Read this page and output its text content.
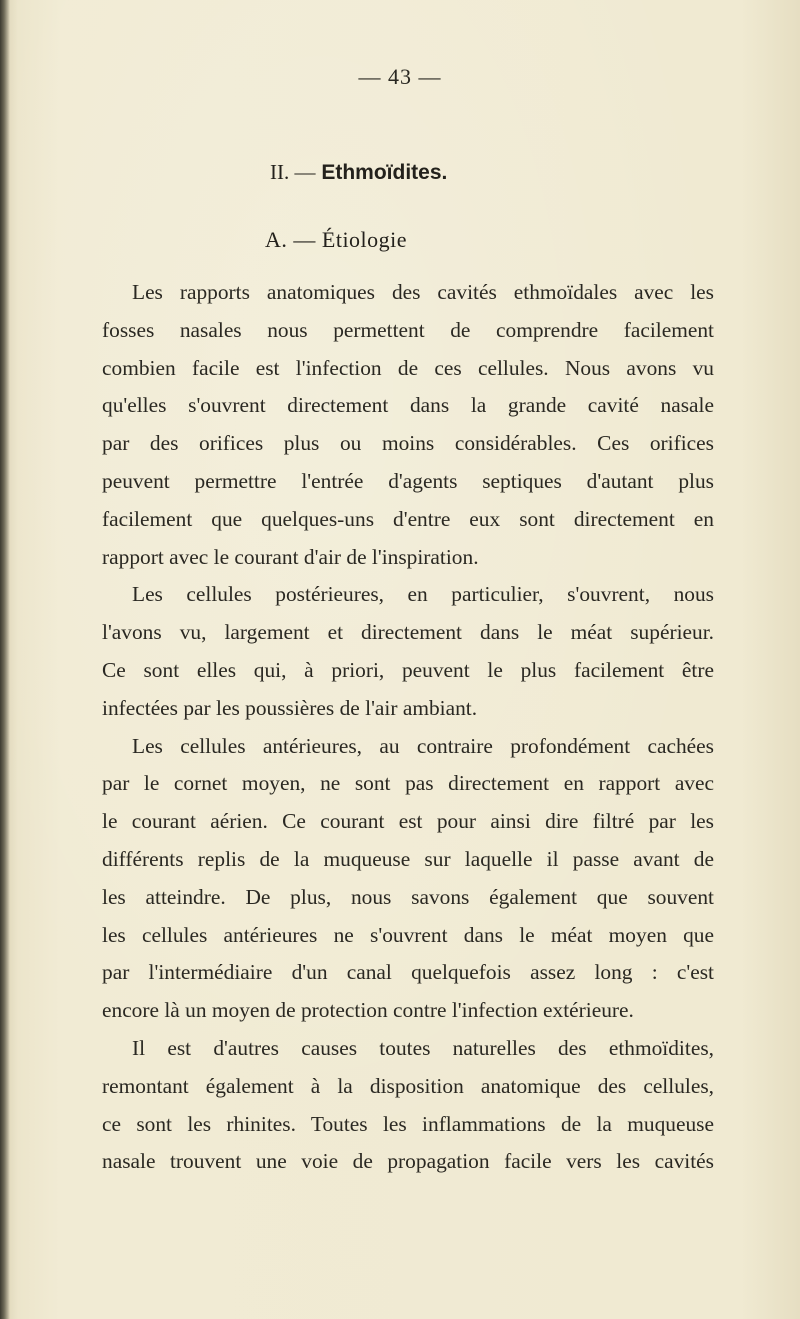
— 43 —
II. — Ethmoïdites.
A. — Étiologie
Les rapports anatomiques des cavités ethmoïdales avec les
fosses nasales nous permettent de comprendre facilement
combien facile est l'infection de ces cellules. Nous avons vu
qu'elles s'ouvrent directement dans la grande cavité nasale
par des orifices plus ou moins considérables. Ces orifices
peuvent permettre l'entrée d'agents septiques d'autant plus
facilement que quelques-uns d'entre eux sont directement en
rapport avec le courant d'air de l'inspiration.
Les cellules postérieures, en particulier, s'ouvrent, nous
l'avons vu, largement et directement dans le méat supérieur.
Ce sont elles qui, à priori, peuvent le plus facilement être
infectées par les poussières de l'air ambiant.
Les cellules antérieures, au contraire profondément cachées
par le cornet moyen, ne sont pas directement en rapport avec
le courant aérien. Ce courant est pour ainsi dire filtré par les
différents replis de la muqueuse sur laquelle il passe avant de
les atteindre. De plus, nous savons également que souvent
les cellules antérieures ne s'ouvrent dans le méat moyen que
par l'intermédiaire d'un canal quelquefois assez long : c'est
encore là un moyen de protection contre l'infection extérieure.
Il est d'autres causes toutes naturelles des ethmoïdites,
remontant également à la disposition anatomique des cellules,
ce sont les rhinites. Toutes les inflammations de la muqueuse
nasale trouvent une voie de propagation facile vers les cavités
